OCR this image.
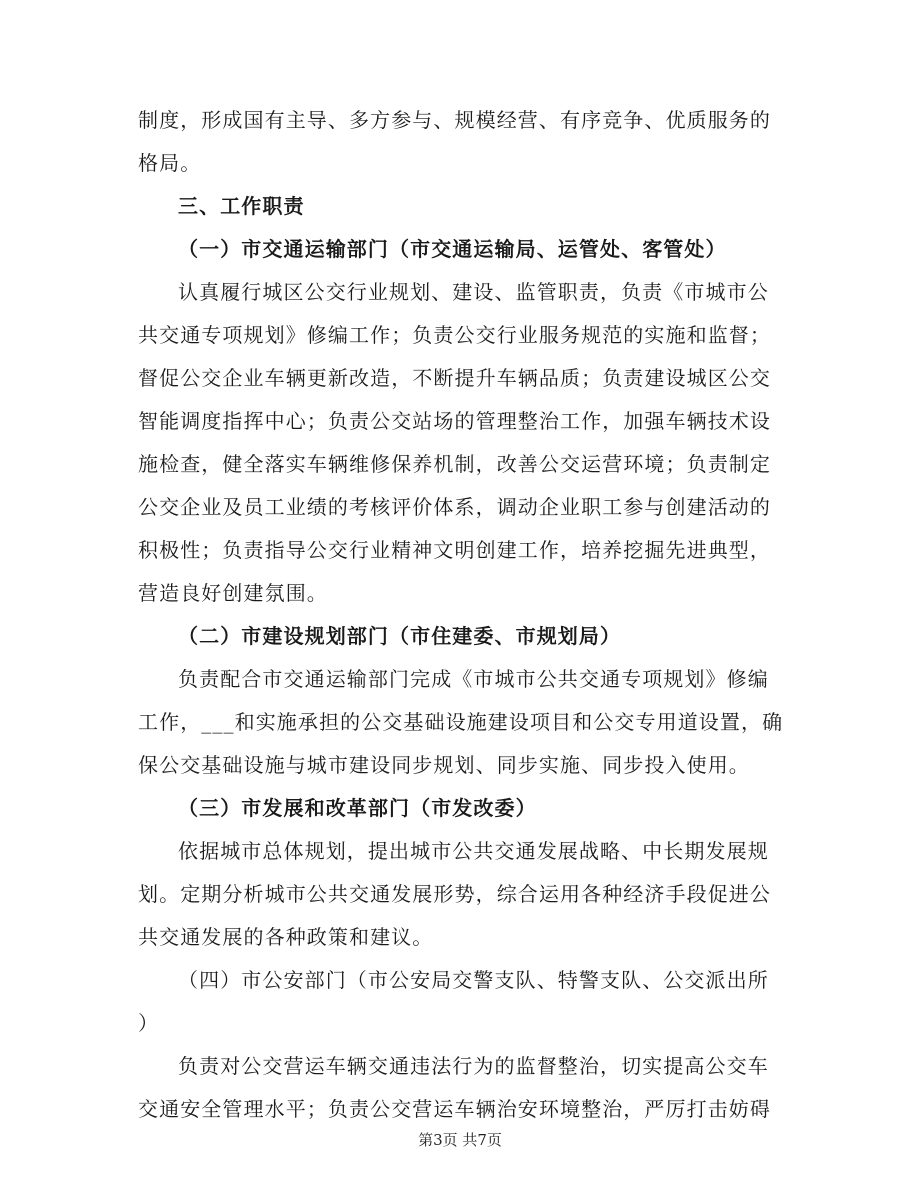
制度，形成国有主导、多方参与、规模经营、有序竞争、优质服务的
格局。
三、工作职责
（一）市交通运输部门（市交通运输局、运管处、客管处）
认真履行城区公交行业规划、建设、监管职责，负责《市城市公
共交通专项规划》修编工作；负责公交行业服务规范的实施和监督；
督促公交企业车辆更新改造，不断提升车辆品质；负责建设城区公交
智能调度指挥中心；负责公交站场的管理整治工作，加强车辆技术设
施检查，健全落实车辆维修保养机制，改善公交运营环境；负责制定
公交企业及员工业绩的考核评价体系，调动企业职工参与创建活动的
积极性；负责指导公交行业精神文明创建工作，培养挖掘先进典型，
营造良好创建氛围。
（二）市建设规划部门（市住建委、市规划局）
负责配合市交通运输部门完成《市城市公共交通专项规划》修编
工作，___和实施承担的公交基础设施建设项目和公交专用道设置，确
保公交基础设施与城市建设同步规划、同步实施、同步投入使用。
（三）市发展和改革部门（市发改委）
依据城市总体规划，提出城市公共交通发展战略、中长期发展规
划。定期分析城市公共交通发展形势，综合运用各种经济手段促进公
共交通发展的各种政策和建议。
（四）市公安部门（市公安局交警支队、特警支队、公交派出所
）
负责对公交营运车辆交通违法行为的监督整治，切实提高公交车
交通安全管理水平；负责公交营运车辆治安环境整治，严厉打击妨碍
第3页 共7页
